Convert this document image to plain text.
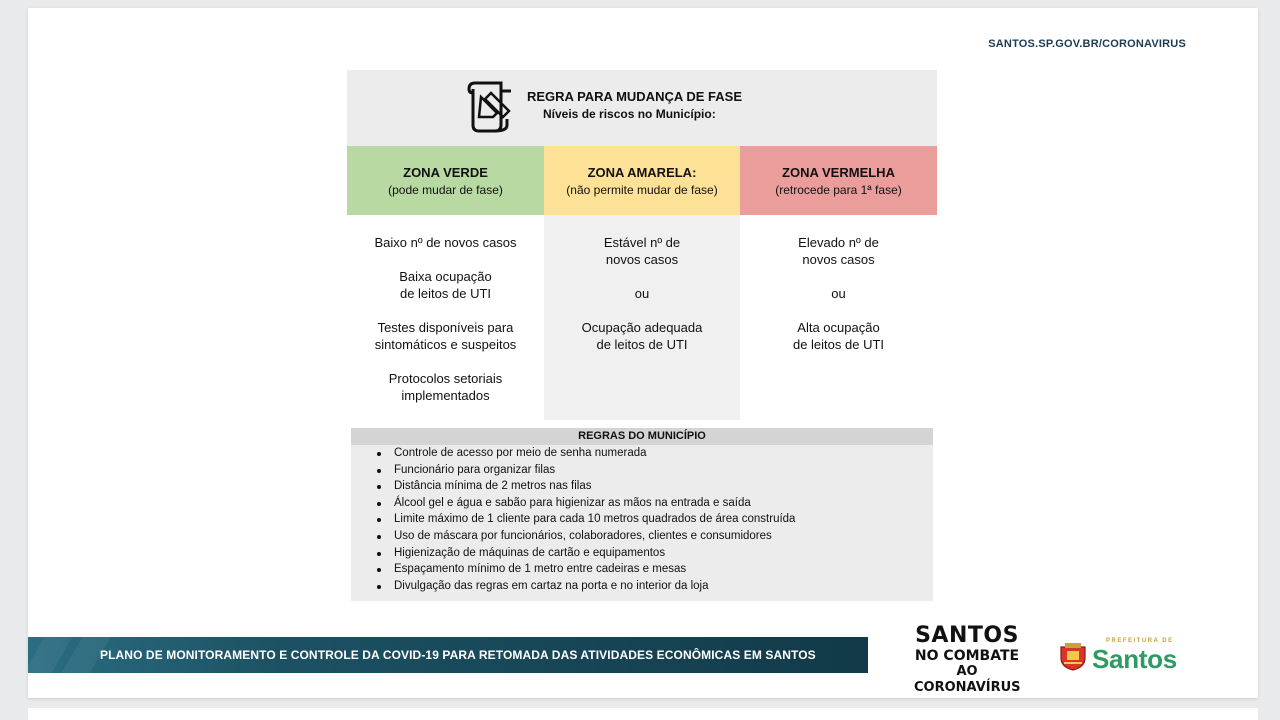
SANTOS.SP.GOV.BR/CORONAVIRUS
REGRA PARA MUDANÇA DE FASE
Níveis de riscos no Município:
ZONA VERDE
(pode mudar de fase)
ZONA AMARELA:
(não permite mudar de fase)
ZONA VERMELHA
(retrocede para 1ª fase)
Baixo nº de novos casos
Baixa ocupação
de leitos de UTI
Testes disponíveis para
sintomáticos e suspeitos
Protocolos setoriais
implementados
Estável nº de
novos casos
ou
Ocupação adequada
de leitos de UTI
Elevado nº de
novos casos
ou
Alta ocupação
de leitos de UTI
REGRAS DO MUNICÍPIO
Controle de acesso por meio de senha numerada
Funcionário para organizar filas
Distância mínima de 2 metros nas filas
Álcool gel e água e sabão para higienizar as mãos na entrada e saída
Limite máximo de 1 cliente para cada 10 metros quadrados de área construída
Uso de máscara por funcionários, colaboradores, clientes e consumidores
Higienização de máquinas de cartão e equipamentos
Espaçamento mínimo de 1 metro entre cadeiras e mesas
Divulgação das regras em cartaz na porta e no interior da loja
PLANO DE MONITORAMENTO E CONTROLE DA COVID-19 PARA RETOMADA DAS ATIVIDADES ECONÔMICAS EM SANTOS
SANTOS
NO COMBATE
AO CORONAVÍRUS
PREFEITURA DE
Santos
